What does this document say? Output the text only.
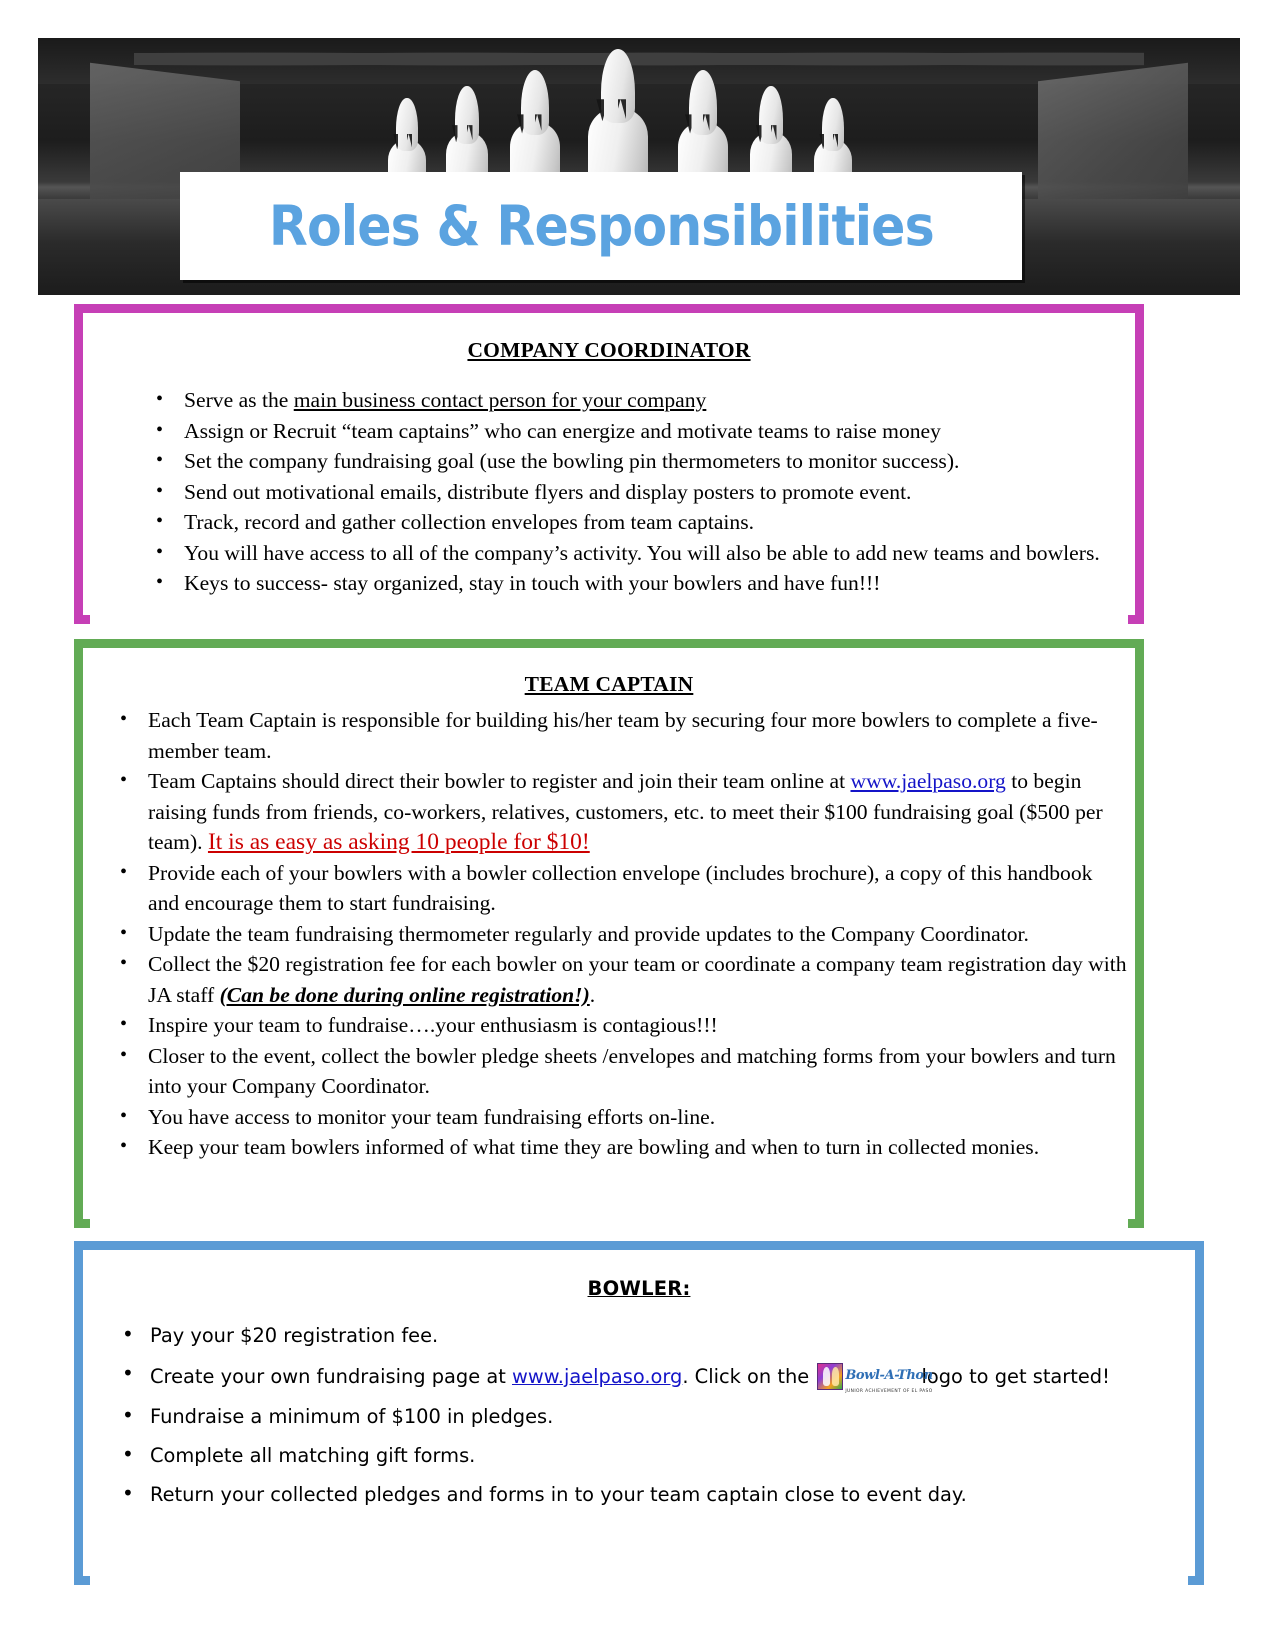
Roles & Responsibilities
COMPANY COORDINATOR
• Serve as the main business contact person for your company
• Assign or Recruit “team captains” who can energize and motivate teams to raise money
• Set the company fundraising goal (use the bowling pin thermometers to monitor success).
• Send out motivational emails, distribute flyers and display posters to promote event.
• Track, record and gather collection envelopes from team captains.
• You will have access to all of the company’s activity. You will also be able to add new teams and bowlers.
• Keys to success- stay organized, stay in touch with your bowlers and have fun!!!
TEAM CAPTAIN
• Each Team Captain is responsible for building his/her team by securing four more bowlers to complete a five-member team.
• Team Captains should direct their bowler to register and join their team online at www.jaelpaso.org to begin raising funds from friends, co-workers, relatives, customers, etc. to meet their $100 fundraising goal ($500 per team). It is as easy as asking 10 people for $10!
• Provide each of your bowlers with a bowler collection envelope (includes brochure), a copy of this handbook and encourage them to start fundraising.
• Update the team fundraising thermometer regularly and provide updates to the Company Coordinator.
• Collect the $20 registration fee for each bowler on your team or coordinate a company team registration day with JA staff (Can be done during online registration!).
• Inspire your team to fundraise….your enthusiasm is contagious!!!
• Closer to the event, collect the bowler pledge sheets /envelopes and matching forms from your bowlers and turn into your Company Coordinator.
• You have access to monitor your team fundraising efforts on-line.
• Keep your team bowlers informed of what time they are bowling and when to turn in collected monies.
BOWLER:
• Pay your $20 registration fee.
• Create your own fundraising page at www.jaelpaso.org. Click on the Bowl-A-Thon
JUNIOR ACHIEVEMENT OF EL PASO
logo to get started!
• Fundraise a minimum of $100 in pledges.
• Complete all matching gift forms.
• Return your collected pledges and forms in to your team captain close to event day.
